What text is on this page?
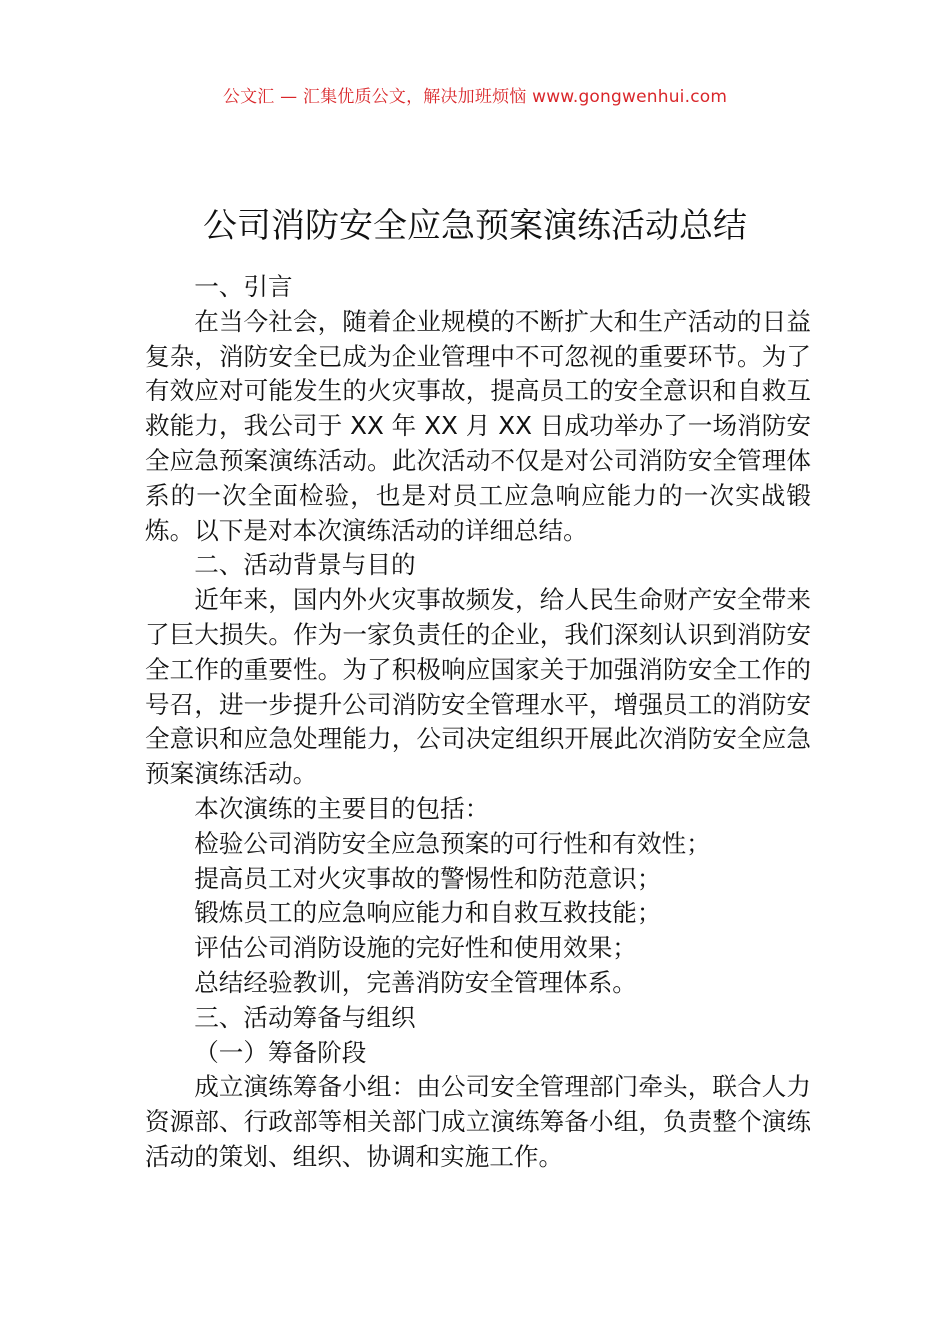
公文汇 — 汇集优质公文，解决加班烦恼 www.gongwenhui.com
公司消防安全应急预案演练活动总结

一、引言

在当今社会，随着企业规模的不断扩大和生产活动的日益复杂，消防安全已成为企业管理中不可忽视的重要环节。为了有效应对可能发生的火灾事故，提高员工的安全意识和自救互救能力，我公司于 XX 年 XX 月 XX 日成功举办了一场消防安全应急预案演练活动。此次活动不仅是对公司消防安全管理体系的一次全面检验，也是对员工应急响应能力的一次实战锻炼。以下是对本次演练活动的详细总结。

二、活动背景与目的

近年来，国内外火灾事故频发，给人民生命财产安全带来了巨大损失。作为一家负责任的企业，我们深刻认识到消防安全工作的重要性。为了积极响应国家关于加强消防安全工作的号召，进一步提升公司消防安全管理水平，增强员工的消防安全意识和应急处理能力，公司决定组织开展此次消防安全应急预案演练活动。

本次演练的主要目的包括：

检验公司消防安全应急预案的可行性和有效性；

提高员工对火灾事故的警惕性和防范意识；

锻炼员工的应急响应能力和自救互救技能；

评估公司消防设施的完好性和使用效果；

总结经验教训，完善消防安全管理体系。

三、活动筹备与组织

（一）筹备阶段

成立演练筹备小组：由公司安全管理部门牵头，联合人力资源部、行政部等相关部门成立演练筹备小组，负责整个演练活动的策划、组织、协调和实施工作。
